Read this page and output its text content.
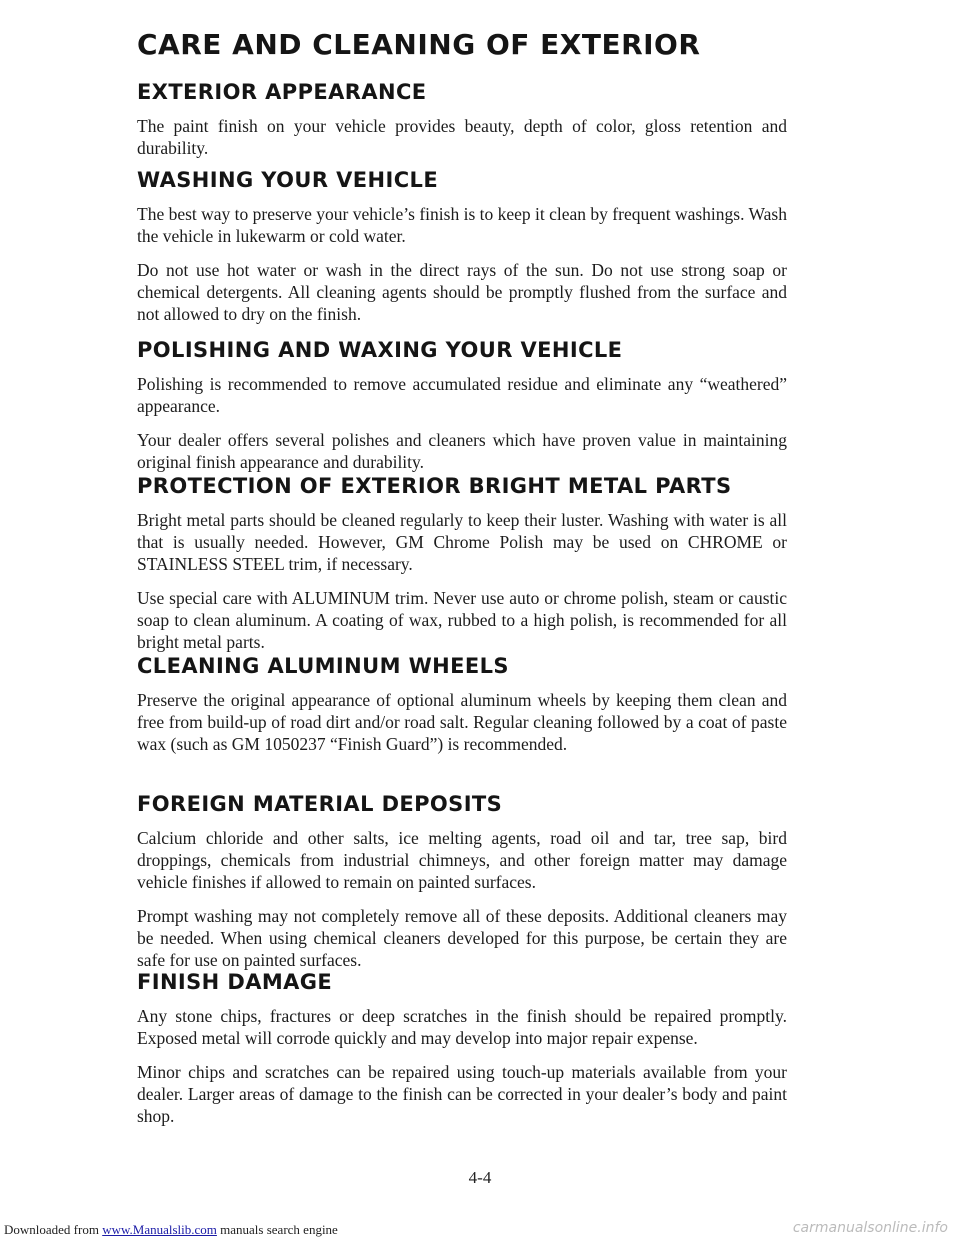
CARE AND CLEANING OF EXTERIOR
EXTERIOR APPEARANCE

The paint finish on your vehicle provides beauty, depth of color, gloss retention and durability.

WASHING YOUR VEHICLE

The best way to preserve your vehicle’s finish is to keep it clean by frequent washings. Wash the vehicle in lukewarm or cold water.

Do not use hot water or wash in the direct rays of the sun. Do not use strong soap or chemical detergents. All cleaning agents should be promptly flushed from the surface and not allowed to dry on the finish.

POLISHING AND WAXING YOUR VEHICLE

Polishing is recommended to remove accumulated residue and eliminate any “weathered” appearance.

Your dealer offers several polishes and cleaners which have proven value in maintaining original finish appearance and durability.

PROTECTION OF EXTERIOR BRIGHT METAL PARTS

Bright metal parts should be cleaned regularly to keep their luster. Washing with water is all that is usually needed. However, GM Chrome Polish may be used on CHROME or STAINLESS STEEL trim, if necessary.

Use special care with ALUMINUM trim. Never use auto or chrome polish, steam or caustic soap to clean aluminum. A coating of wax, rubbed to a high polish, is recommended for all bright metal parts.

CLEANING ALUMINUM WHEELS

Preserve the original appearance of optional aluminum wheels by keeping them clean and free from build-up of road dirt and/or road salt. Regular cleaning followed by a coat of paste wax (such as GM 1050237 “Finish Guard”) is recommended.

FOREIGN MATERIAL DEPOSITS

Calcium chloride and other salts, ice melting agents, road oil and tar, tree sap, bird droppings, chemicals from industrial chimneys, and other foreign matter may damage vehicle finishes if allowed to remain on painted surfaces.

Prompt washing may not completely remove all of these deposits. Additional cleaners may be needed. When using chemical cleaners developed for this purpose, be certain they are safe for use on painted surfaces.

FINISH DAMAGE

Any stone chips, fractures or deep scratches in the finish should be repaired promptly. Exposed metal will corrode quickly and may develop into major repair expense.

Minor chips and scratches can be repaired using touch-up materials available from your dealer. Larger areas of damage to the finish can be corrected in your dealer’s body and paint shop.

4-4
Downloaded from www.Manualslib.com manuals search engine	carmanualsonline.info
